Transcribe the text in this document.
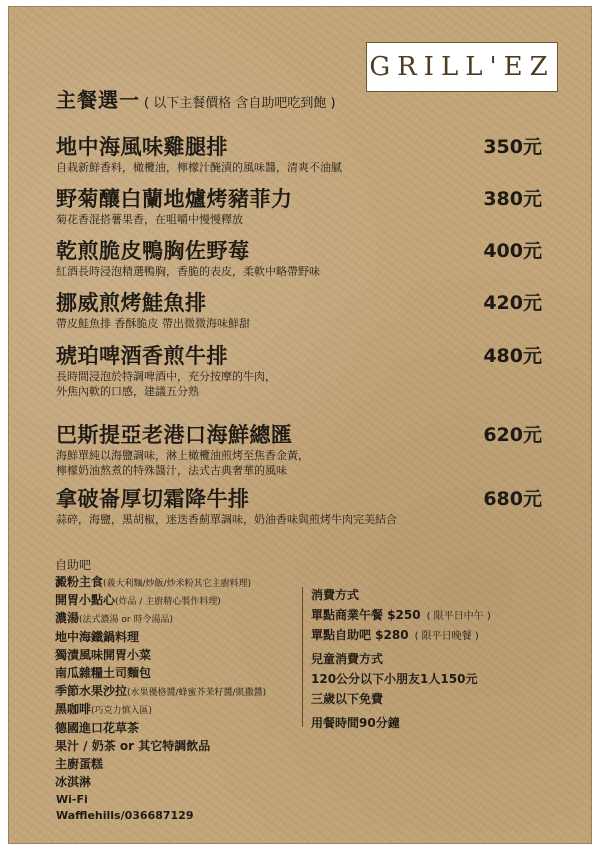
GRILL'EZ
主餐選一 ( 以下主餐價格 含自助吧吃到飽 )
地中海風味雞腿排	350元
自栽新鮮香料，橄欖油，檸檬汁醃漬的風味醬，清爽不油膩
野菊釀白蘭地爐烤豬菲力	380元
菊花香混搭薯果香，在咀嚼中慢慢釋放
乾煎脆皮鴨胸佐野莓	400元
紅酒長時浸泡精選鴨胸，香脆的表皮，柔軟中略帶野味
挪威煎烤鮭魚排	420元
帶皮鮭魚排 香酥脆皮 帶出微微海味鮮甜
琥珀啤酒香煎牛排	480元
長時間浸泡於特調啤酒中，充分按摩的牛肉，
外焦內軟的口感，建議五分熟
巴斯提亞老港口海鮮總匯	620元
海鮮單純以海鹽調味，淋上橄欖油煎烤至焦香金黃，
檸檬奶油熬煮的特殊醬汁，法式古典奢華的風味
拿破崙厚切霜降牛排	680元
蒜碎，海鹽，黑胡椒，迷迭香薊單調味，奶油香味與煎烤牛肉完美結合
自助吧
澱粉主食(義大利麵/炒飯/炒米粉其它主廚料理)
開胃小點心(炸品 / 主廚精心製作料理)
濃湯(法式濃湯 or 時令湯品)
地中海鐵鍋料理
獨漬風味開胃小菜
南瓜雜糧土司麵包
季節水果沙拉(水果優格醬/蜂蜜芥茉籽醬/凱撒醬)
黑咖啡(巧克力慎入區)
德國進口花草茶
果汁 / 奶茶 or 其它特調飲品
主廚蛋糕
冰淇淋
消費方式
單點商業午餐 $250 ( 限平日中午 )
單點自助吧 $280 ( 限平日晚餐 )
兒童消費方式
120公分以下小朋友1人150元
三歲以下免費
用餐時間90分鐘
Wi-Fi
Wafflehills/036687129
